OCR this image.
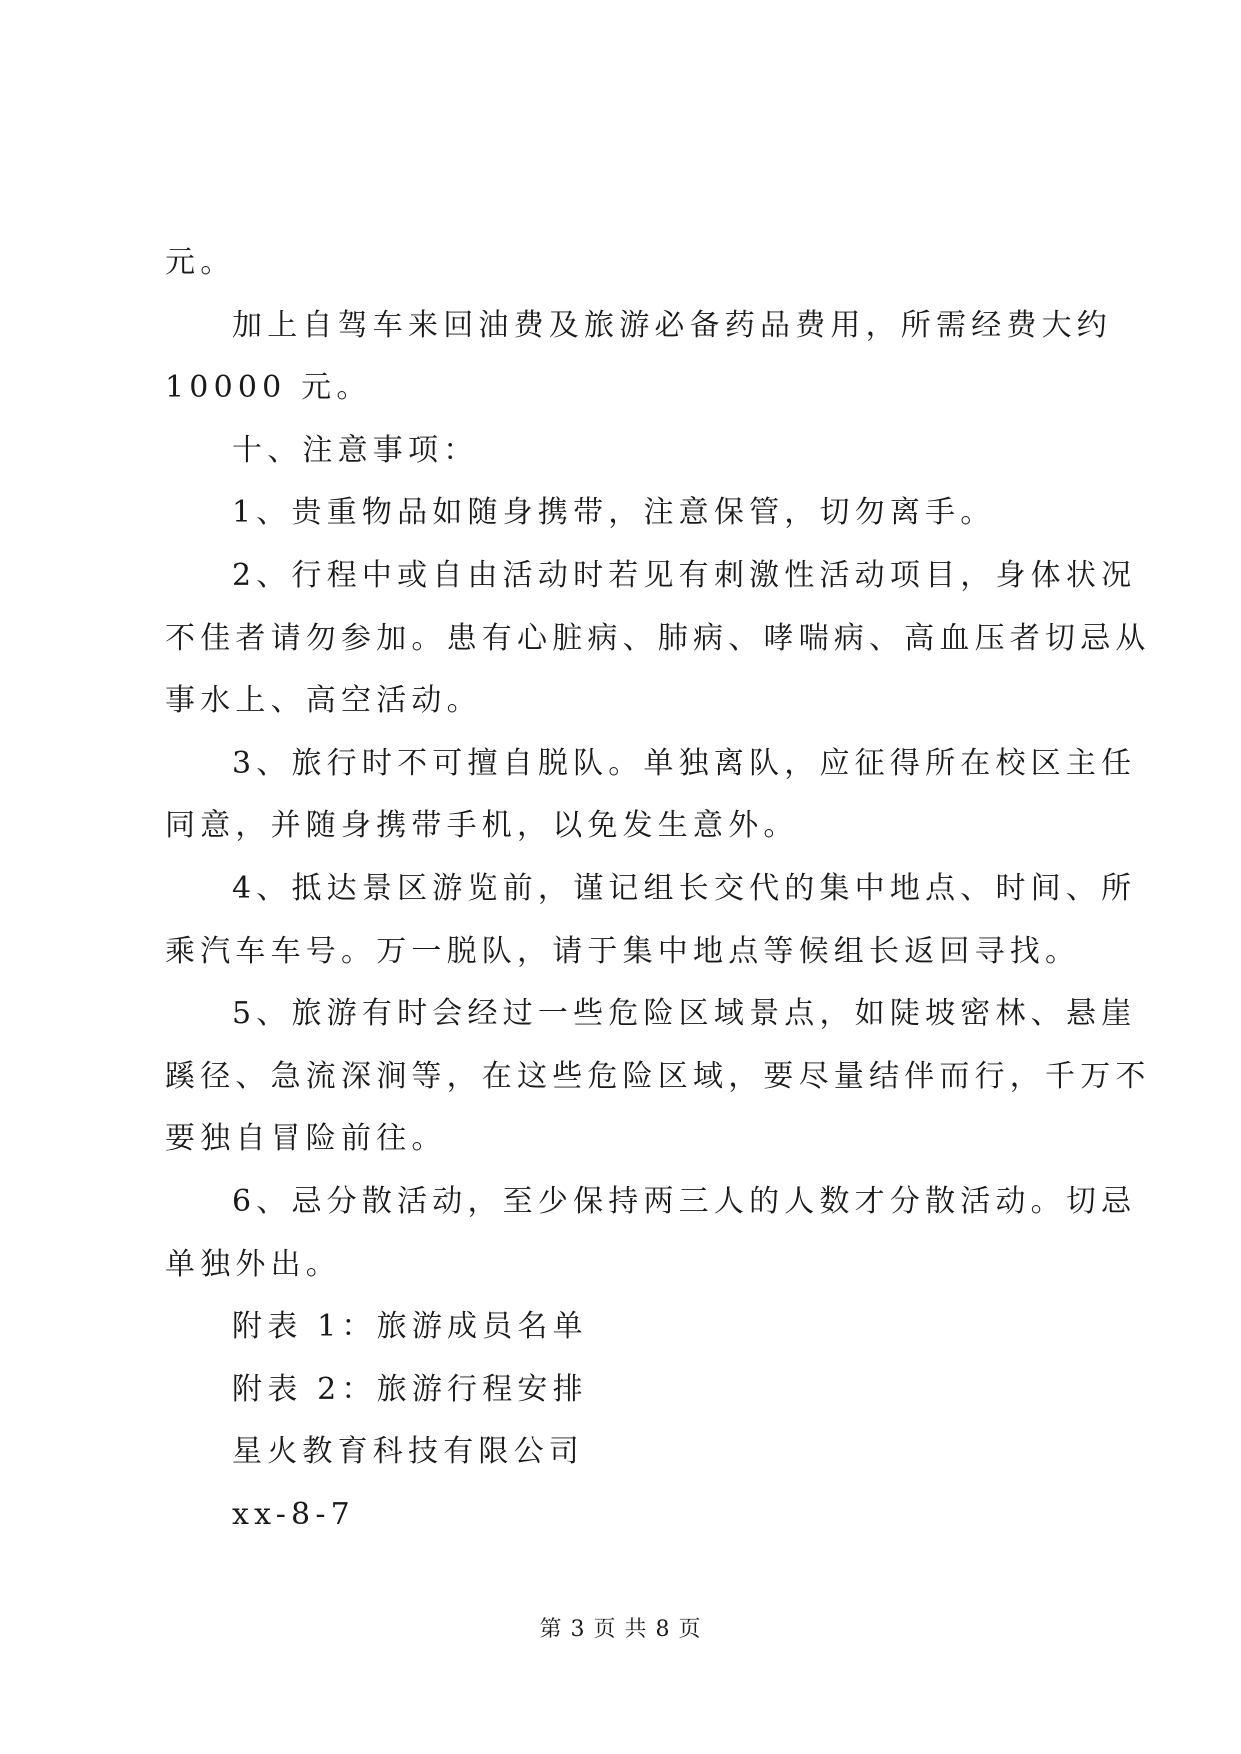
元。
加上自驾车来回油费及旅游必备药品费用，所需经费大约
10000 元。
十、注意事项：
1、贵重物品如随身携带，注意保管，切勿离手。
2、行程中或自由活动时若见有刺激性活动项目，身体状况
不佳者请勿参加。患有心脏病、肺病、哮喘病、高血压者切忌从
事水上、高空活动。
3、旅行时不可擅自脱队。单独离队，应征得所在校区主任
同意，并随身携带手机，以免发生意外。
4、抵达景区游览前，谨记组长交代的集中地点、时间、所
乘汽车车号。万一脱队，请于集中地点等候组长返回寻找。
5、旅游有时会经过一些危险区域景点，如陡坡密林、悬崖
蹊径、急流深涧等，在这些危险区域，要尽量结伴而行，千万不
要独自冒险前往。
6、忌分散活动，至少保持两三人的人数才分散活动。切忌
单独外出。
附表 1：旅游成员名单
附表 2：旅游行程安排
星火教育科技有限公司
xx-8-7
第 3 页 共 8 页
